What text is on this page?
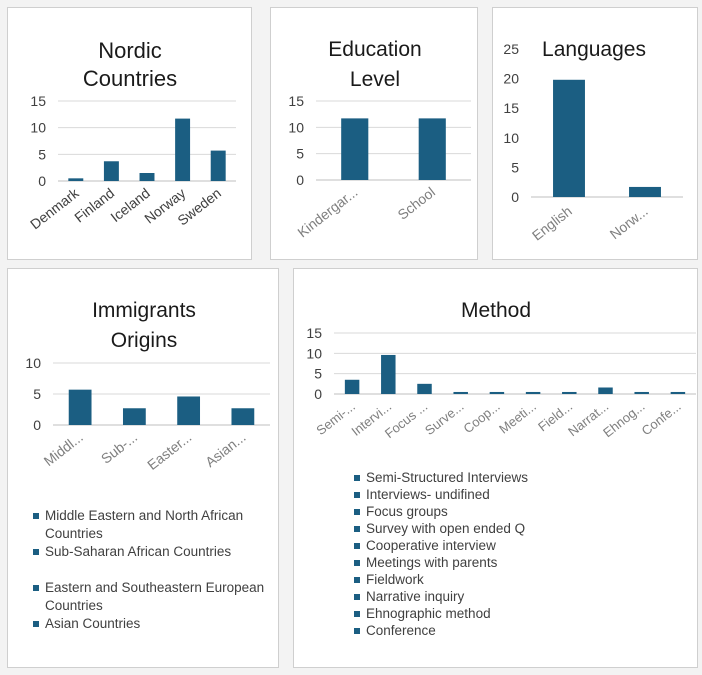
Nordic
Countries
0
5
10
15
Denmark
Finland
Iceland
Norway
Sweden
Education
Level
0
5
10
15
Kindergar... School
Languages
0
5
10
15
20
25
English Norw...
Immigrants
Origins
0
5
10
Middl... Sub-... Easter... Asian...
Middle Eastern and North African Countries
Sub-Saharan African Countries
Eastern and Southeastern European Countries
Asian Countries
Method
0
5
10
15
Semi-...
Intervi...
Focus ...
Surve...
Coop...
Meeti...
Field...
Narrat...
Ehnog...
Confe...
Semi-Structured Interviews
Interviews- undifined
Focus groups
Survey with open ended Q
Cooperative interview
Meetings with parents
Fieldwork
Narrative inquiry
Ehnographic method
Conference
